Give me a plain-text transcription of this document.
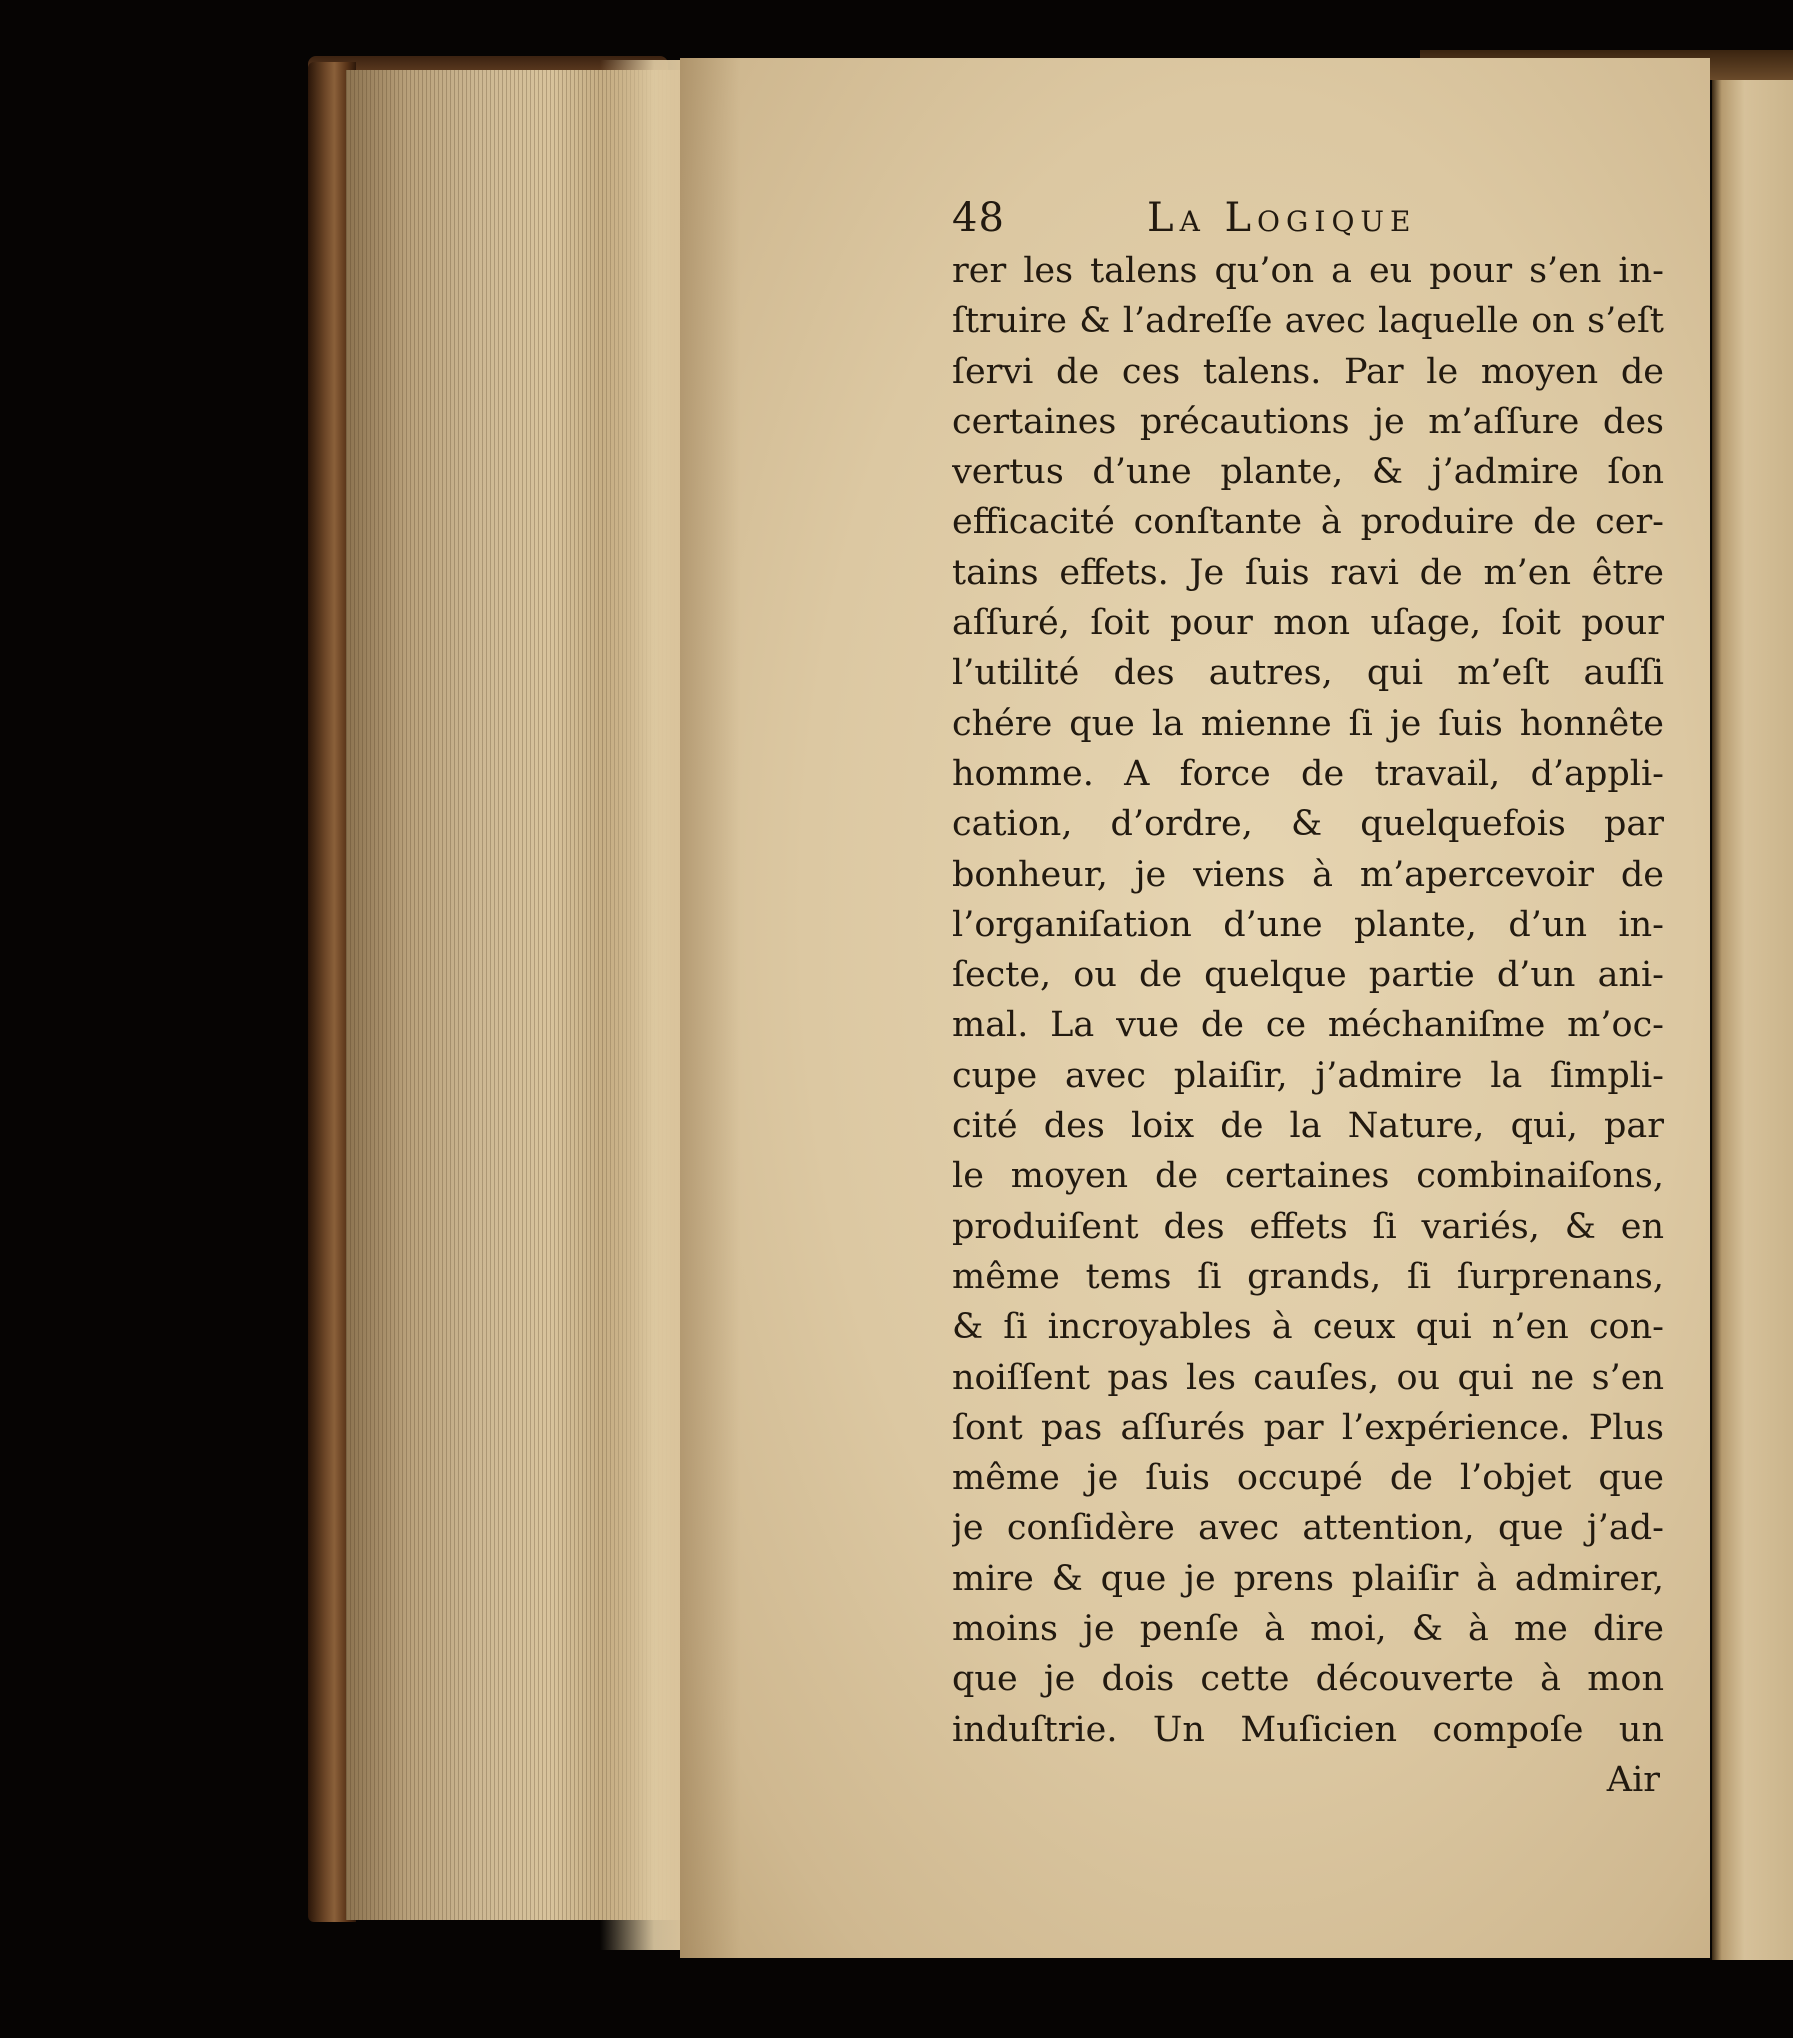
48	La Logique
rer les talens qu’on a eu pour s’en in-
ſtruire & l’adreſſe avec laquelle on s’eſt
ſervi de ces talens. Par le moyen de
certaines précautions je m’aſſure des
vertus d’une plante, & j’admire ſon
efficacité conſtante à produire de cer-
tains effets. Je ſuis ravi de m’en être
aſſuré, ſoit pour mon uſage, ſoit pour
l’utilité des autres, qui m’eſt auſſi
chére que la mienne ſi je ſuis honnête
homme. A force de travail, d’appli-
cation, d’ordre, & quelquefois par
bonheur, je viens à m’apercevoir de
l’organiſation d’une plante, d’un in-
ſecte, ou de quelque partie d’un ani-
mal. La vue de ce méchaniſme m’oc-
cupe avec plaiſir, j’admire la ſimpli-
cité des loix de la Nature, qui, par
le moyen de certaines combinaiſons,
produiſent des effets ſi variés, & en
même tems ſi grands, ſi ſurprenans,
& ſi incroyables à ceux qui n’en con-
noiſſent pas les cauſes, ou qui ne s’en
ſont pas aſſurés par l’expérience. Plus
même je ſuis occupé de l’objet que
je conſidère avec attention, que j’ad-
mire & que je prens plaiſir à admirer,
moins je penſe à moi, & à me dire
que je dois cette découverte à mon
induſtrie. Un Muſicien compoſe un
Air
